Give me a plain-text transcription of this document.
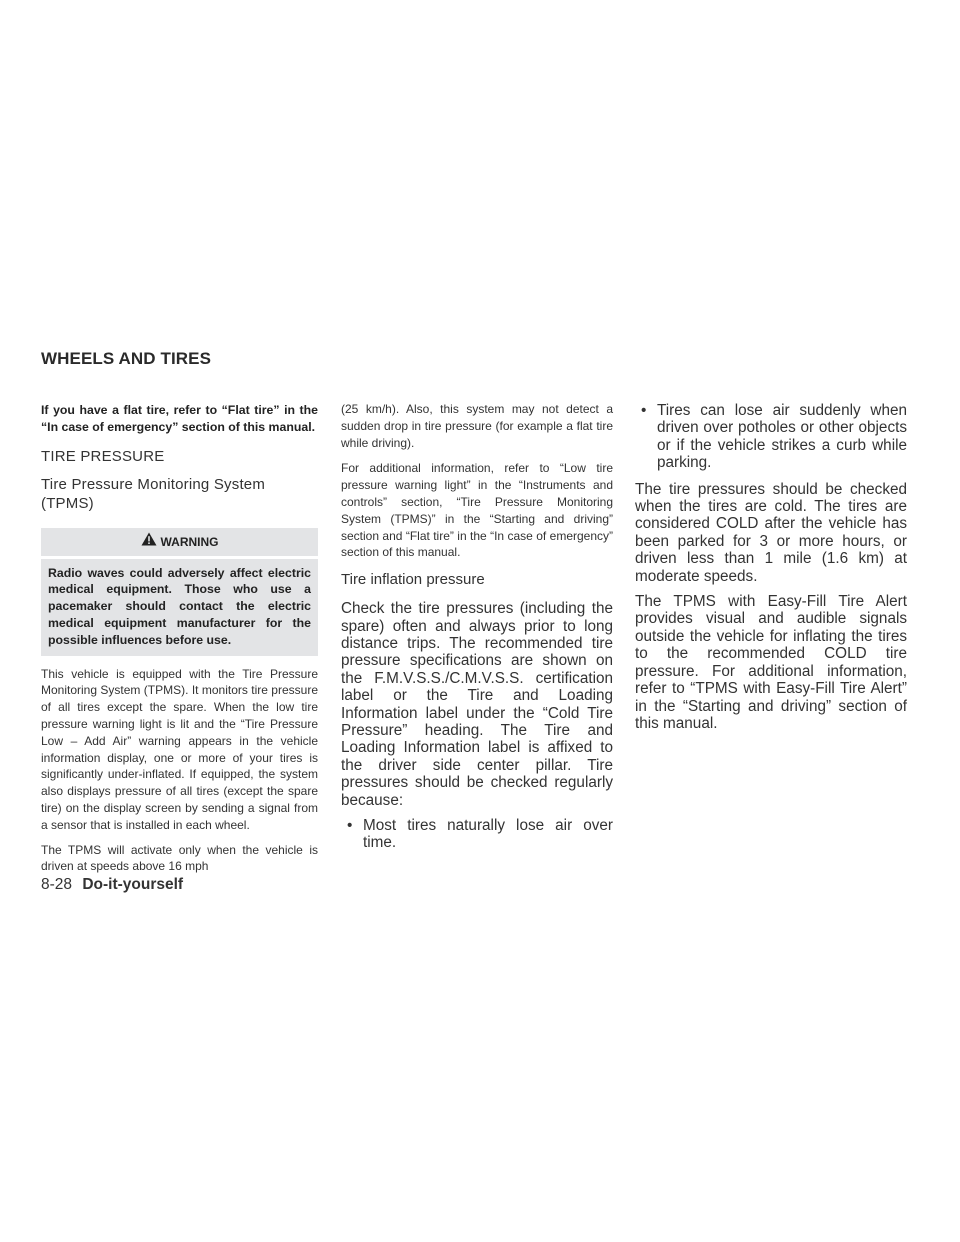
WHEELS AND TIRES

If you have a flat tire, refer to “Flat tire” in the “In case of emergency” section of this manual.

TIRE PRESSURE
Tire Pressure Monitoring System (TPMS)
WARNING
Radio waves could adversely affect electric medical equipment. Those who use a pacemaker should contact the electric medical equipment manufacturer for the possible influences before use.

This vehicle is equipped with the Tire Pressure Monitoring System (TPMS). It monitors tire pressure of all tires except the spare. When the low tire pressure warning light is lit and the “Tire Pressure Low – Add Air” warning appears in the vehicle information display, one or more of your tires is significantly under-inflated. If equipped, the system also displays pressure of all tires (except the spare tire) on the display screen by sending a signal from a sensor that is installed in each wheel.

The TPMS will activate only when the vehicle is driven at speeds above 16 mph

(25 km/h). Also, this system may not detect a sudden drop in tire pressure (for example a flat tire while driving).

For additional information, refer to “Low tire pressure warning light” in the “Instruments and controls” section, “Tire Pressure Monitoring System (TPMS)” in the “Starting and driving” section and “Flat tire” in the “In case of emergency” section of this manual.

Tire inflation pressure

Check the tire pressures (including the spare) often and always prior to long distance trips. The recommended tire pressure specifications are shown on the F.M.V.S.S./C.M.V.S.S. certification label or the Tire and Loading Information label under the “Cold Tire Pressure” heading. The Tire and Loading Information label is affixed to the driver side center pillar. Tire pressures should be checked regularly because:

• Most tires naturally lose air over time.
• Tires can lose air suddenly when driven over potholes or other objects or if the vehicle strikes a curb while parking.

The tire pressures should be checked when the tires are cold. The tires are considered COLD after the vehicle has been parked for 3 or more hours, or driven less than 1 mile (1.6 km) at moderate speeds.

The TPMS with Easy-Fill Tire Alert provides visual and audible signals outside the vehicle for inflating the tires to the recommended COLD tire pressure. For additional information, refer to “TPMS with Easy-Fill Tire Alert” in the “Starting and driving” section of this manual.

8-28 Do-it-yourself
